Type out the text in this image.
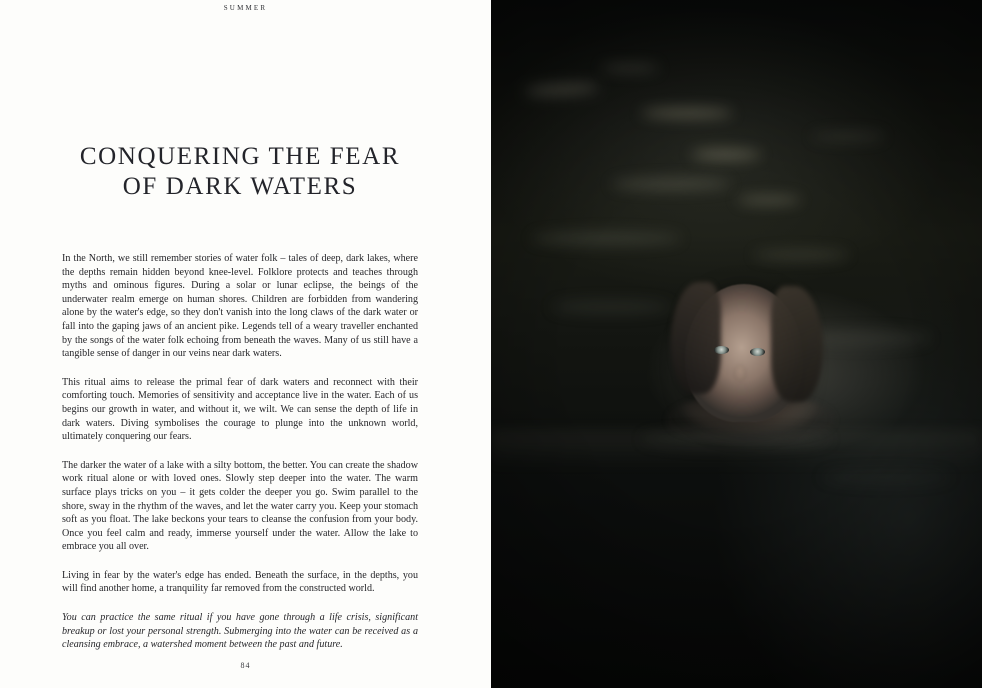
SUMMER
CONQUERING THE FEAR
OF DARK WATERS

In the North, we still remember stories of water folk – tales of deep, dark lakes, where the depths remain hidden beyond knee-level. Folklore protects and teaches through myths and ominous figures. During a solar or lunar eclipse, the beings of the underwater realm emerge on human shores. Children are forbidden from wandering alone by the water's edge, so they don't vanish into the long claws of the dark water or fall into the gaping jaws of an ancient pike. Legends tell of a weary traveller enchanted by the songs of the water folk echoing from beneath the waves. Many of us still have a tangible sense of danger in our veins near dark waters.

This ritual aims to release the primal fear of dark waters and reconnect with their comforting touch. Memories of sensitivity and acceptance live in the water. Each of us begins our growth in water, and without it, we wilt. We can sense the depth of life in dark waters. Diving symbolises the courage to plunge into the unknown world, ultimately conquering our fears.

The darker the water of a lake with a silty bottom, the better. You can create the shadow work ritual alone or with loved ones. Slowly step deeper into the water. The warm surface plays tricks on you – it gets colder the deeper you go. Swim parallel to the shore, sway in the rhythm of the waves, and let the water carry you. Keep your stomach soft as you float. The lake beckons your tears to cleanse the confusion from your body. Once you feel calm and ready, immerse yourself under the water. Allow the lake to embrace you all over.

Living in fear by the water's edge has ended. Beneath the surface, in the depths, you will find another home, a tranquility far removed from the constructed world.

You can practice the same ritual if you have gone through a life crisis, significant breakup or lost your personal strength. Submerging into the water can be received as a cleansing embrace, a watershed moment between the past and future.

84
